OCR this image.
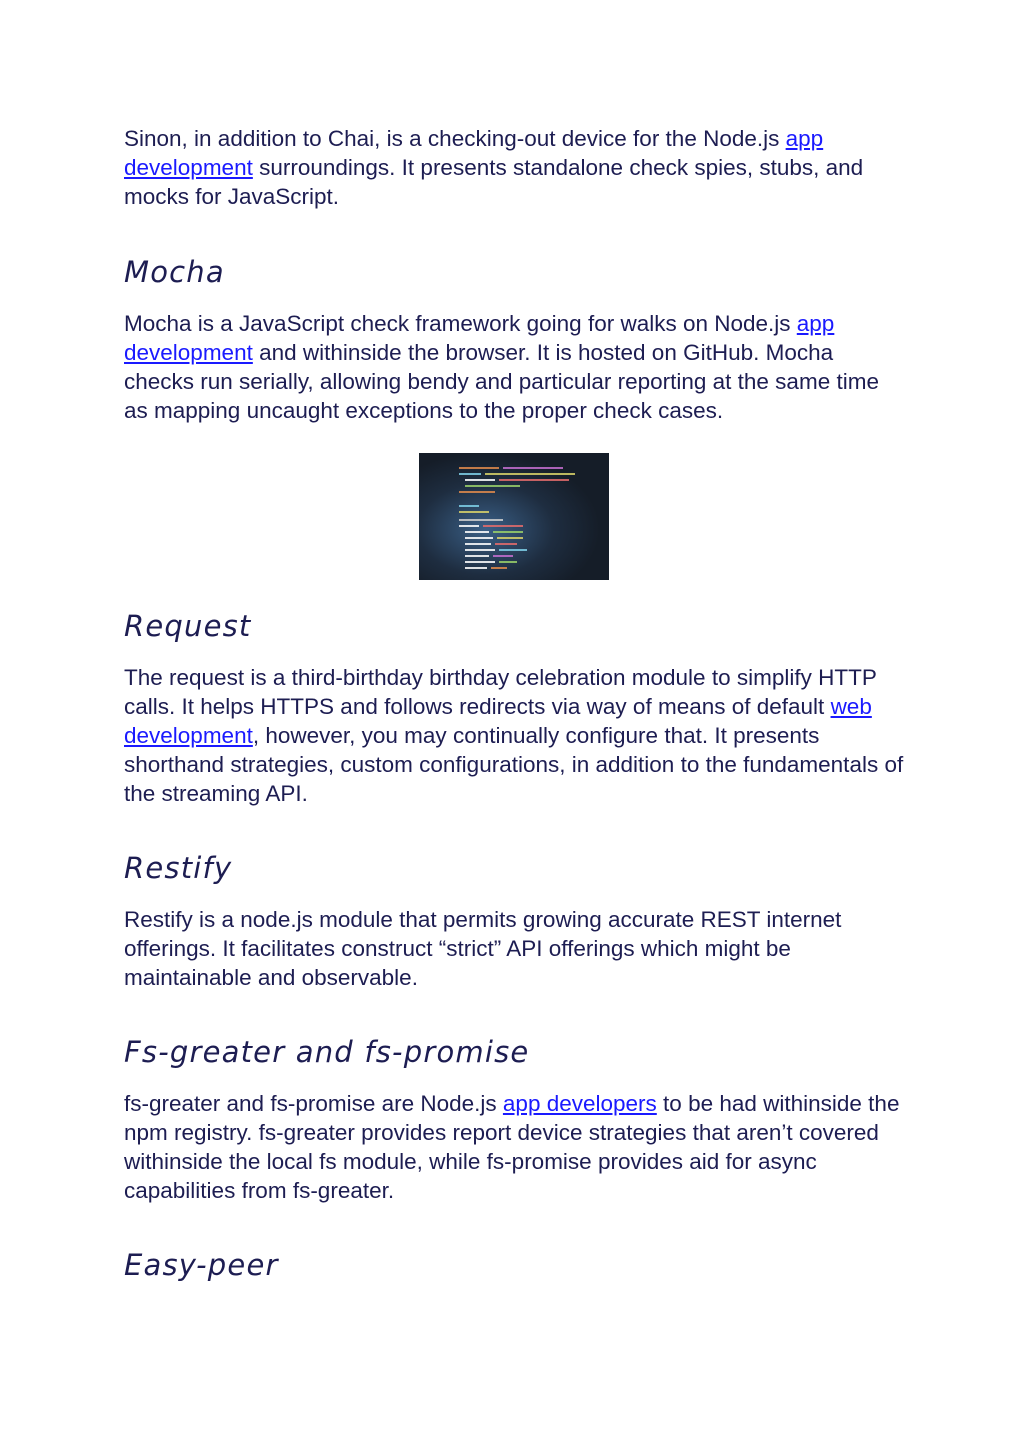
Sinon, in addition to Chai, is a checking-out device for the Node.js app development surroundings. It presents standalone check spies, stubs, and mocks for JavaScript.

Mocha

Mocha is a JavaScript check framework going for walks on Node.js app development and withinside the browser. It is hosted on GitHub. Mocha checks run serially, allowing bendy and particular reporting at the same time as mapping uncaught exceptions to the proper check cases.

Request

The request is a third-birthday birthday celebration module to simplify HTTP calls. It helps HTTPS and follows redirects via way of means of default web development, however, you may continually configure that. It presents shorthand strategies, custom configurations, in addition to the fundamentals of the streaming API.

Restify

Restify is a node.js module that permits growing accurate REST internet offerings. It facilitates construct “strict” API offerings which might be maintainable and observable.

Fs-greater and fs-promise

fs-greater and fs-promise are Node.js app developers to be had withinside the npm registry. fs-greater provides report device strategies that aren’t covered withinside the local fs module, while fs-promise provides aid for async capabilities from fs-greater.

Easy-peer
